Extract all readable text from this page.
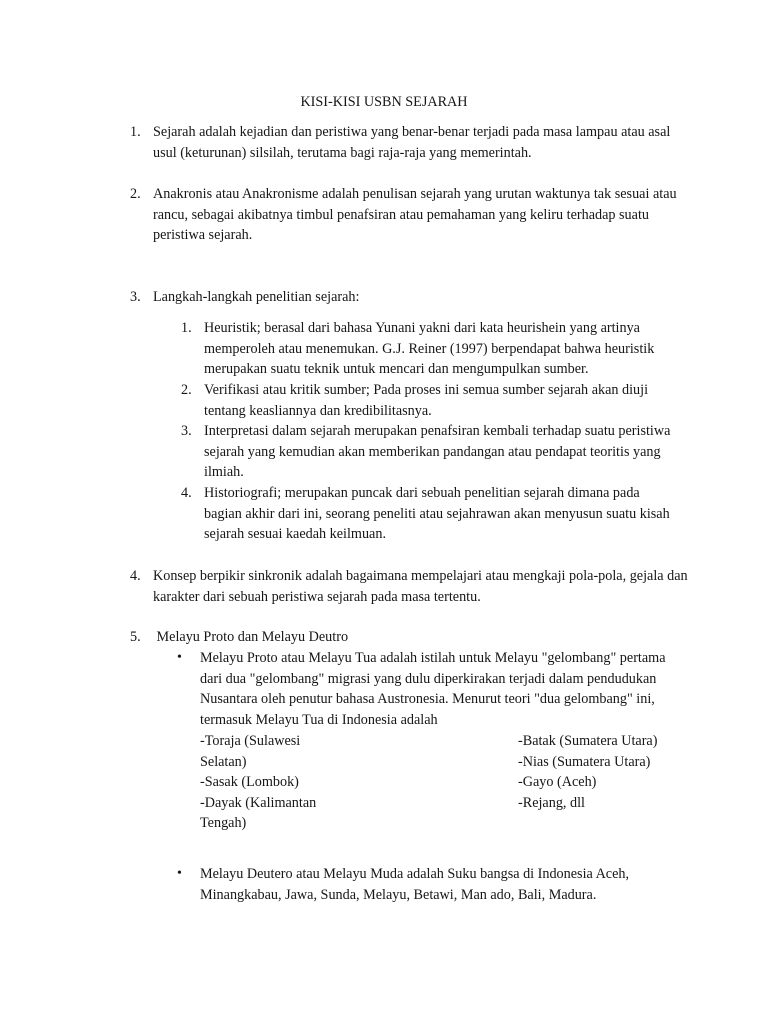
KISI-KISI USBN SEJARAH
1. Sejarah adalah kejadian dan peristiwa yang benar-benar terjadi pada masa lampau atau asal usul (keturunan) silsilah, terutama bagi raja-raja yang memerintah.
2. Anakronis atau Anakronisme adalah penulisan sejarah yang urutan waktunya tak sesuai atau rancu, sebagai akibatnya timbul penafsiran atau pemahaman yang keliru terhadap suatu peristiwa sejarah.
3. Langkah-langkah penelitian sejarah:
1. Heuristik; berasal dari bahasa Yunani yakni dari kata heurishein yang artinya memperoleh atau menemukan. G.J. Reiner (1997) berpendapat bahwa heuristik merupakan suatu teknik untuk mencari dan mengumpulkan sumber.
2. Verifikasi atau kritik sumber; Pada proses ini semua sumber sejarah akan diuji tentang keasliannya dan kredibilitasnya.
3. Interpretasi dalam sejarah merupakan penafsiran kembali terhadap suatu peristiwa sejarah yang kemudian akan memberikan pandangan atau pendapat teoritis yang ilmiah.
4. Historiografi; merupakan puncak dari sebuah penelitian sejarah dimana pada bagian akhir dari ini, seorang peneliti atau sejahrawan akan menyusun suatu kisah sejarah sesuai kaedah keilmuan.
4. Konsep berpikir sinkronik adalah bagaimana mempelajari atau mengkaji pola-pola, gejala dan karakter dari sebuah peristiwa sejarah pada masa tertentu.
5. Melayu Proto dan Melayu Deutro
• Melayu Proto atau Melayu Tua adalah istilah untuk Melayu "gelombang" pertama dari dua "gelombang" migrasi yang dulu diperkirakan terjadi dalam pendudukan Nusantara oleh penutur bahasa Austronesia. Menurut teori "dua gelombang" ini, termasuk Melayu Tua di Indonesia adalah
-Toraja (Sulawesi
Selatan)
-Sasak (Lombok)
-Dayak (Kalimantan
Tengah)
-Batak (Sumatera Utara)
-Nias (Sumatera Utara)
-Gayo (Aceh)
-Rejang, dll
• Melayu Deutero atau Melayu Muda adalah Suku bangsa di Indonesia Aceh, Minangkabau, Jawa, Sunda, Melayu, Betawi, Man ado, Bali, Madura.
